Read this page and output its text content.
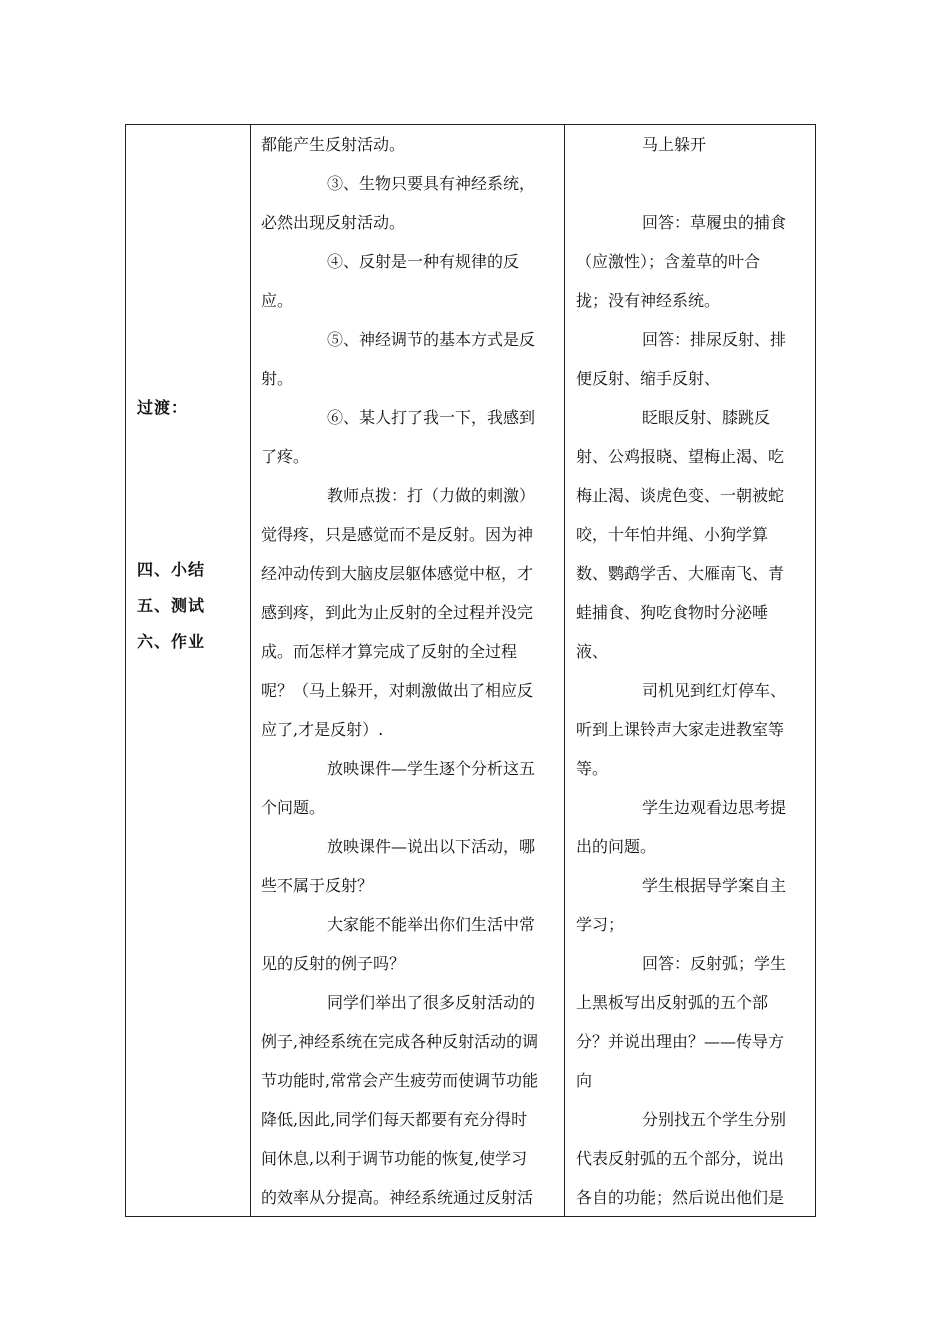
过渡：
四、小结
五、测试
六、作业

都能产生反射活动。

③、生物只要具有神经系统，

必然出现反射活动。

④、反射是一种有规律的反

应。

⑤、神经调节的基本方式是反

射。

⑥、某人打了我一下，我感到

了疼。

教师点拨：打（力做的刺激）

觉得疼，只是感觉而不是反射。因为神

经冲动传到大脑皮层躯体感觉中枢，才

感到疼，到此为止反射的全过程并没完

成。而怎样才算完成了反射的全过程

呢？（马上躲开，对刺激做出了相应反

应了,才是反射）.

放映课件—学生逐个分析这五

个问题。

放映课件—说出以下活动，哪

些不属于反射？

大家能不能举出你们生活中常

见的反射的例子吗？

同学们举出了很多反射活动的

例子,神经系统在完成各种反射活动的调

节功能时,常常会产生疲劳而使调节功能

降低,因此,同学们每天都要有充分得时

间休息,以利于调节功能的恢复,使学习

的效率从分提高。神经系统通过反射活

马上躲开

回答：草履虫的捕食

（应激性）；含羞草的叶合

拢；没有神经系统。

回答：排尿反射、排

便反射、缩手反射、

眨眼反射、膝跳反

射、公鸡报晓、望梅止渴、吃

梅止渴、谈虎色变、一朝被蛇

咬，十年怕井绳、小狗学算

数、鹦鹉学舌、大雁南飞、青

蛙捕食、狗吃食物时分泌唾

液、

司机见到红灯停车、

听到上课铃声大家走进教室等

等。

学生边观看边思考提

出的问题。

学生根据导学案自主

学习；

回答：反射弧；学生

上黑板写出反射弧的五个部

分？并说出理由？——传导方

向

分别找五个学生分别

代表反射弧的五个部分，说出

各自的功能；然后说出他们是
